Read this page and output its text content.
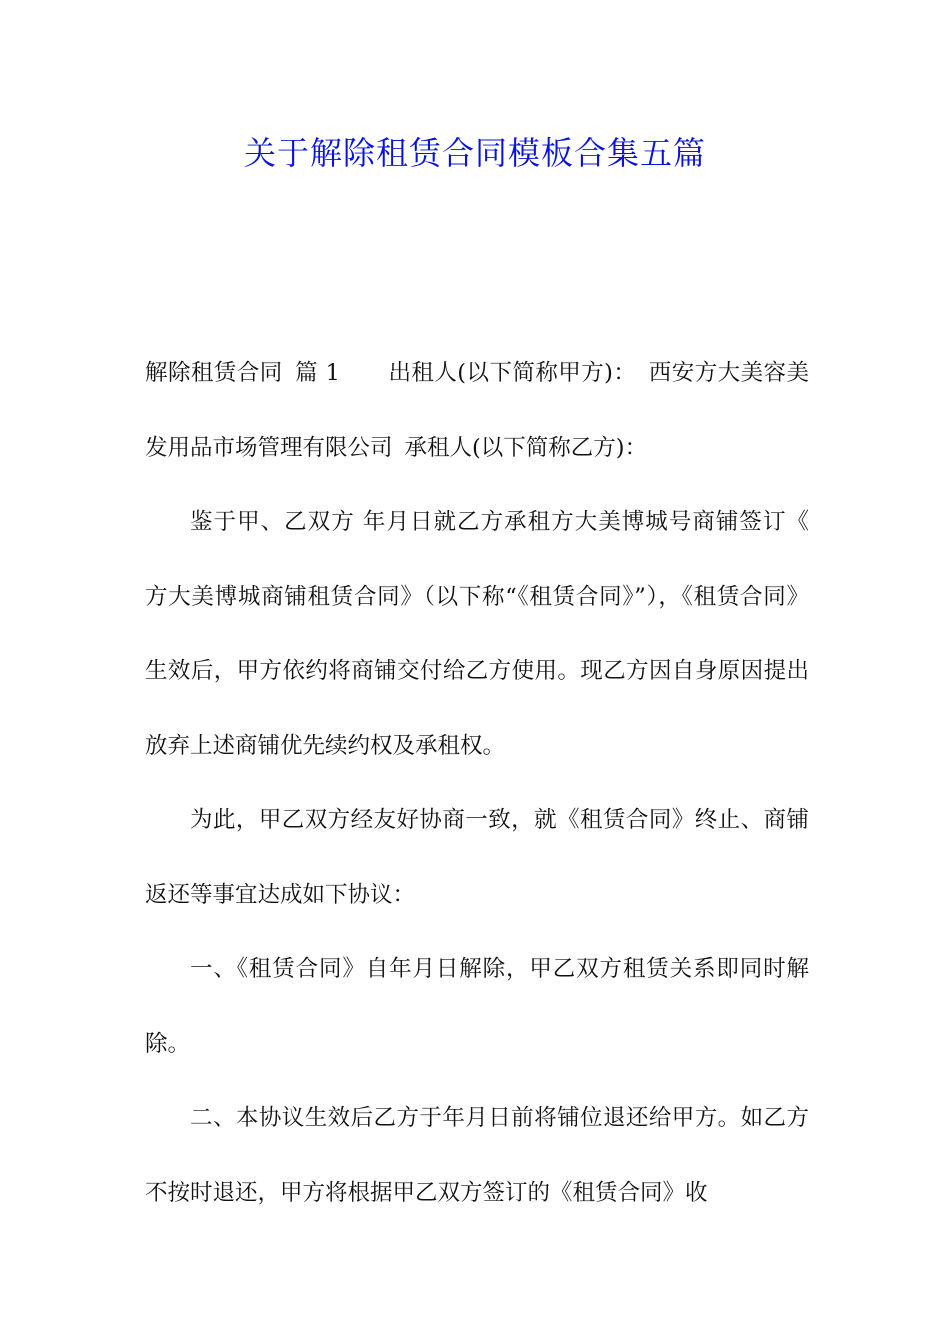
关于解除租赁合同模板合集五篇

解除租赁合同 篇 1 出租人(以下简称甲方)： 西安方大美容美发用品市场管理有限公司 承租人(以下简称乙方)：

鉴于甲、乙双方 年月日就乙方承租方大美博城号商铺签订《 方大美博城商铺租赁合同》（以下称“《租赁合同》”），《租赁合同》生效后，甲方依约将商铺交付给乙方使用。现乙方因自身原因提出放弃上述商铺优先续约权及承租权。

为此，甲乙双方经友好协商一致，就《租赁合同》终止、商铺返还等事宜达成如下协议：

一、《租赁合同》自年月日解除，甲乙双方租赁关系即同时解除。

二、本协议生效后乙方于年月日前将铺位退还给甲方。如乙方不按时退还，甲方将根据甲乙双方签订的《租赁合同》收
